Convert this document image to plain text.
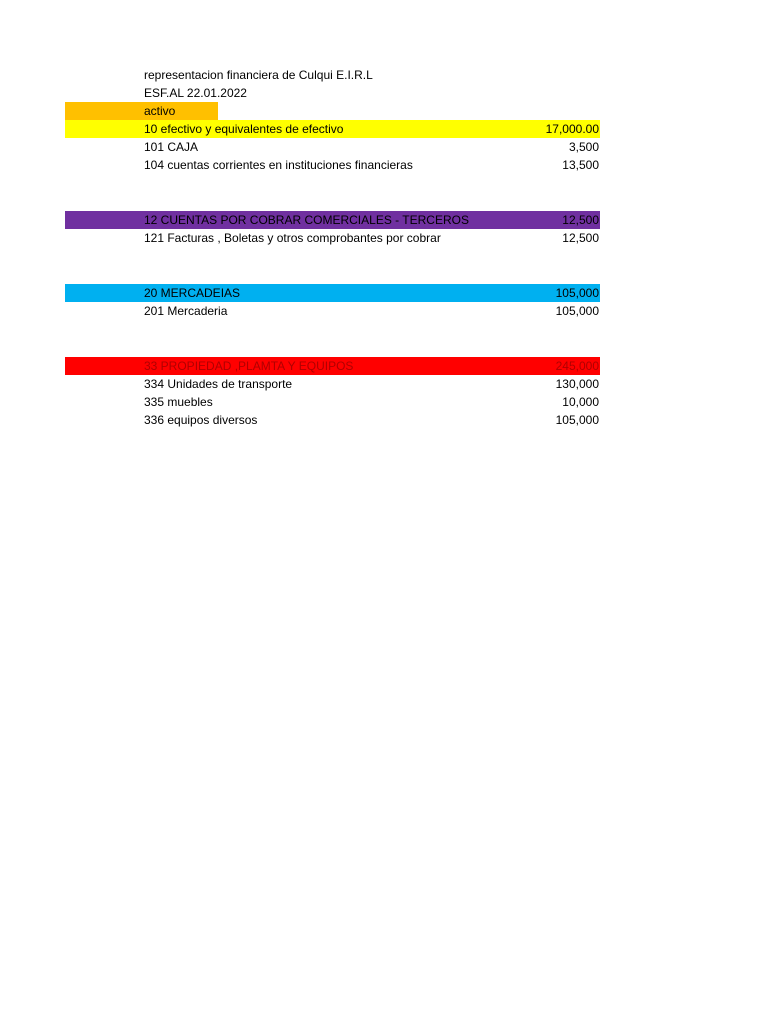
representacion financiera de Culqui E.I.R.L
ESF.AL 22.01.2022
activo
10 efectivo y equivalentes de efectivo	17,000.00
101 CAJA	3,500
104 cuentas corrientes en instituciones financieras	13,500
12 CUENTAS POR COBRAR COMERCIALES - TERCEROS	12,500
121 Facturas , Boletas y otros comprobantes por cobrar	12,500
20 MERCADEIAS	105,000
201 Mercaderia	105,000
33 PROPIEDAD ,PLAMTA Y EQUIPOS	245,000
334 Unidades de transporte	130,000
335 muebles	10,000
336 equipos diversos	105,000
